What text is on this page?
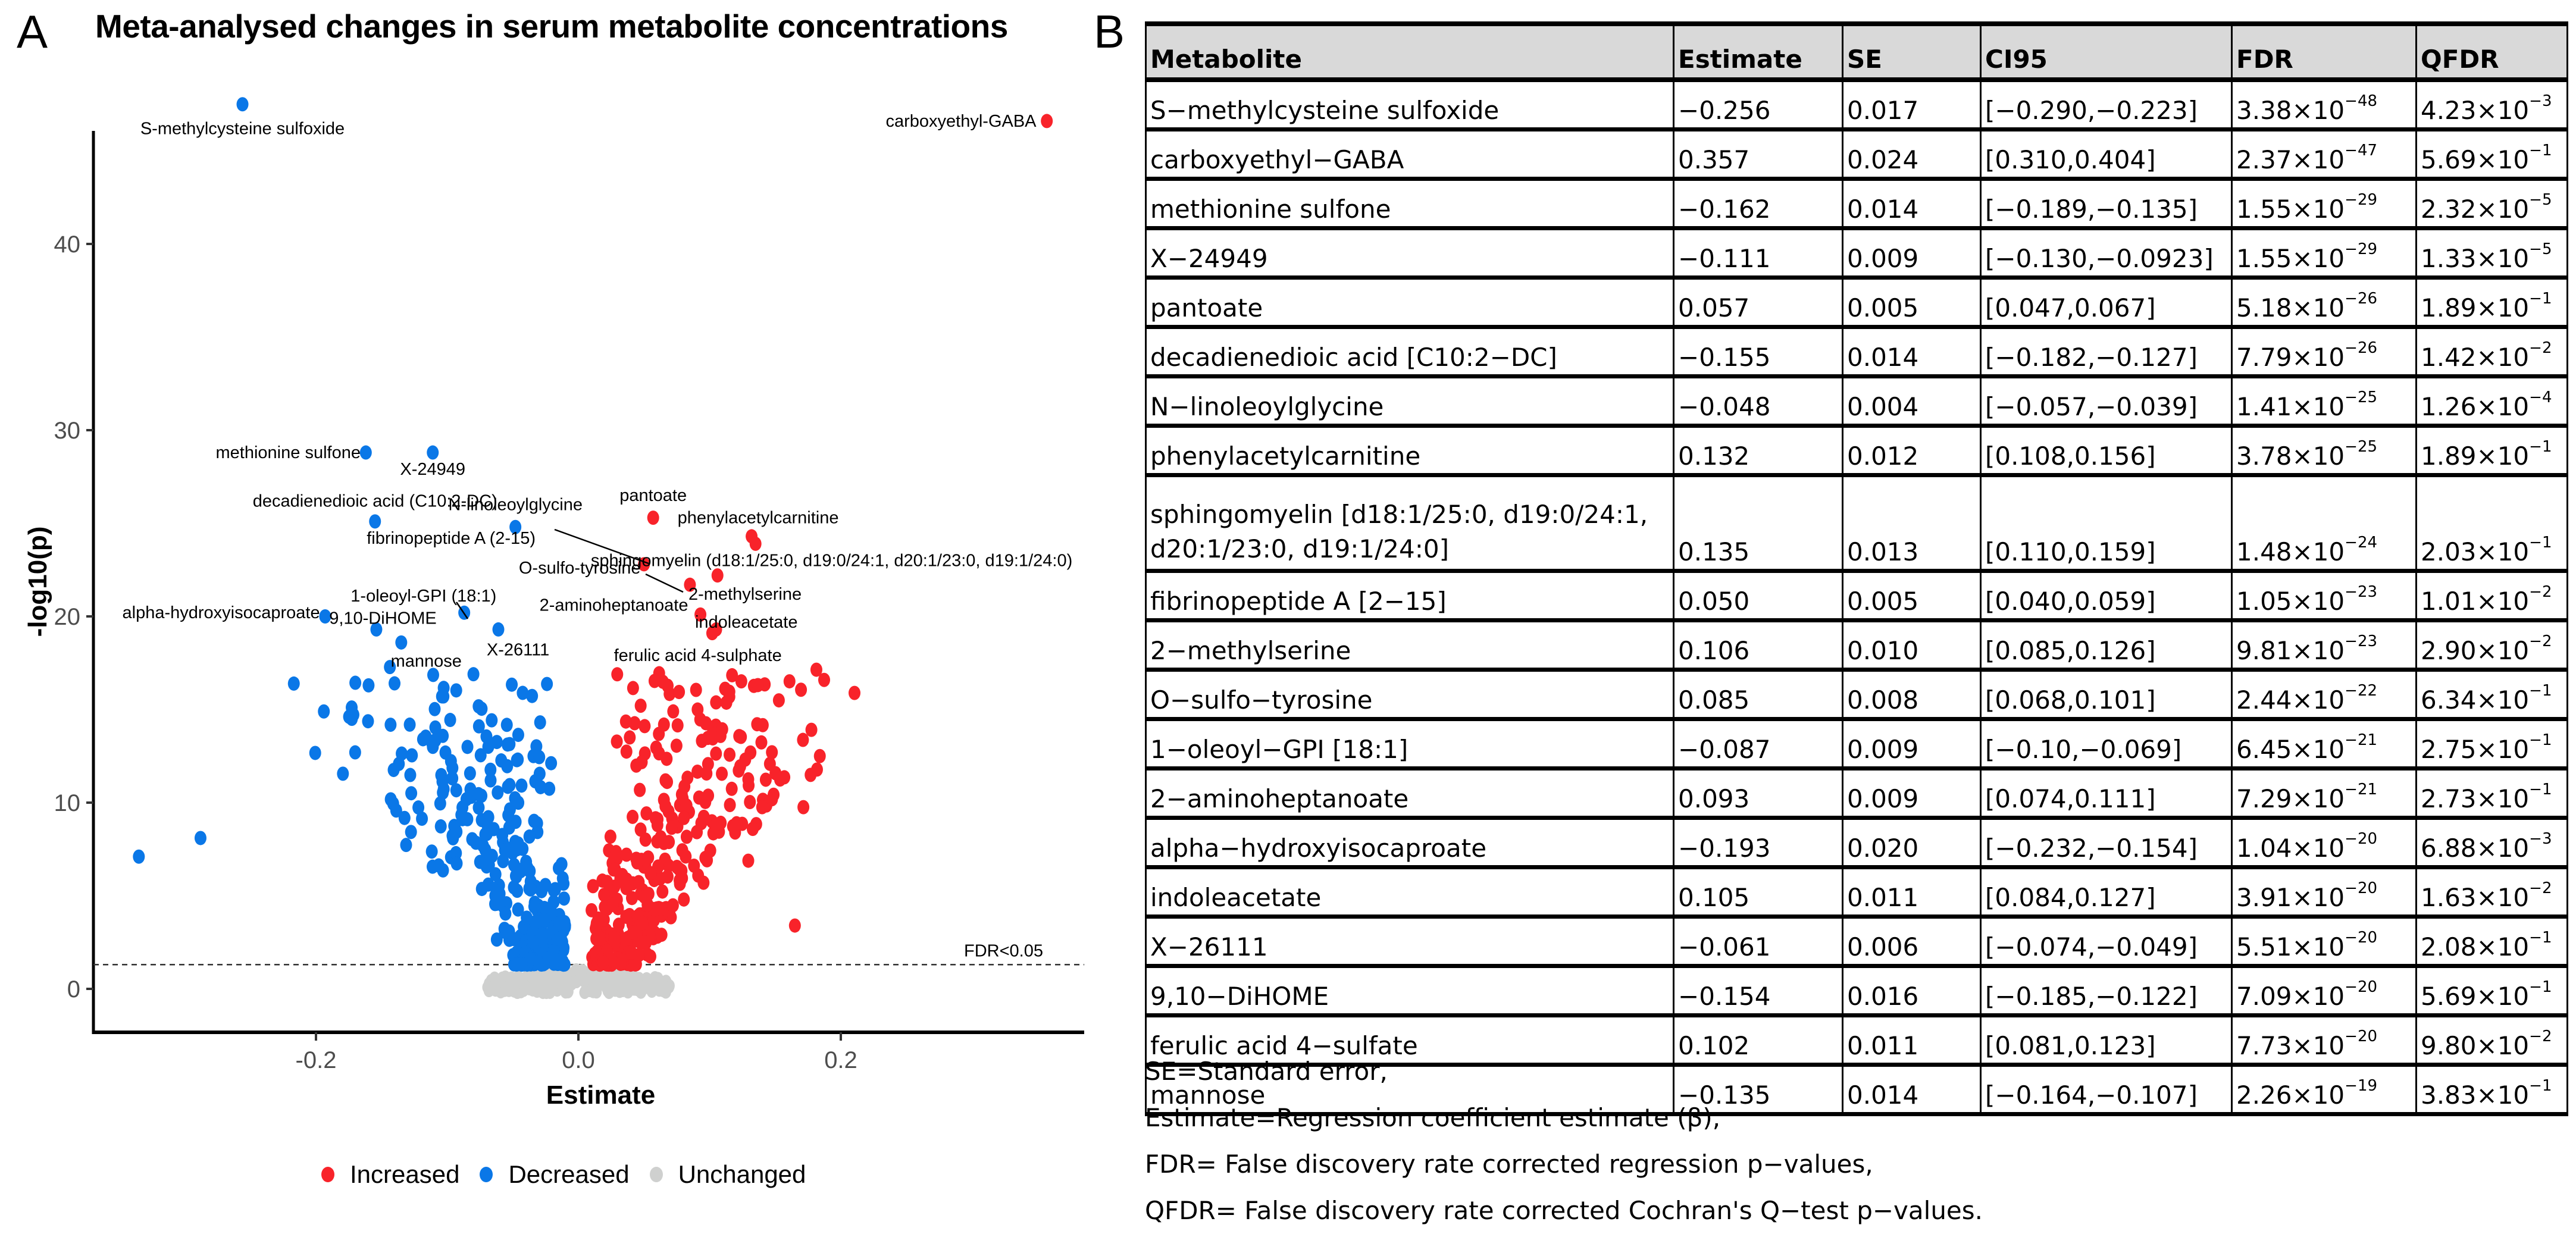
A Meta-analysed changes in serum metabolite concentrations
0
10
20
30
40
-0.2	0.0	0.2
Estimate
-log10(p)
FDR<0.05
S-methylcysteine sulfoxide	carboxyethyl-GABA
methionine sulfone
X-24949
pantoate
decadienedioic acid (C10:2-DC)
N-linoleoylglycine
phenylacetylcarnitine
sphingomyelin (d18:1/25:0, d19:0/24:1, d20:1/23:0, d19:1/24:0)
fibrinopeptide A (2-15)
2-methylserine
O-sulfo-tyrosine
1-oleoyl-GPI (18:1) 2-aminoheptanoate
alpha-hydroxyisocaproate 9,10-DiHOME	indoleacetate
X-26111	ferulic acid 4-sulphate
mannose
Increased Decreased Unchanged
B
Metabolite	Estimate	SE	CI95	FDR	QFDR
S−methylcysteine sulfoxide	−0.256	0.017	[−0.290,−0.223]	$3.38\times 10^{-48}$	$4.23\times 10^{-3}$
carboxyethyl−GABA	0.357	0.024	[0.310,0.404]	$2.37\times 10^{-47}$	$5.69\times 10^{-1}$
methionine sulfone	−0.162	0.014	[−0.189,−0.135]	$1.55\times 10^{-29}$	$2.32\times 10^{-5}$
X−24949	−0.111	0.009	[−0.130,−0.0923]	$1.55\times 10^{-29}$	$1.33\times 10^{-5}$
pantoate	0.057	0.005	[0.047,0.067]	$5.18\times 10^{-26}$	$1.89\times 10^{-1}$
decadienedioic acid [C10:2−DC]	−0.155	0.014	[−0.182,−0.127]	$7.79\times 10^{-26}$	$1.42\times 10^{-2}$
N−linoleoylglycine	−0.048	0.004	[−0.057,−0.039]	$1.41\times 10^{-25}$	$1.26\times 10^{-4}$
phenylacetylcarnitine	0.132	0.012	[0.108,0.156]	$3.78\times 10^{-25}$	$1.89\times 10^{-1}$
sphingomyelin [d18:1/25:0, d19:0/24:1, d20:1/23:0, d19:1/24:0]	0.135	0.013	[0.110,0.159]	$1.48\times 10^{-24}$	$2.03\times 10^{-1}$
fibrinopeptide A [2−15]	0.050	0.005	[0.040,0.059]	$1.05\times 10^{-23}$	$1.01\times 10^{-2}$
2−methylserine	0.106	0.010	[0.085,0.126]	$9.81\times 10^{-23}$	$2.90\times 10^{-2}$
O−sulfo−tyrosine	0.085	0.008	[0.068,0.101]	$2.44\times 10^{-22}$	$6.34\times 10^{-1}$
1−oleoyl−GPI [18:1]	−0.087	0.009	[−0.10,−0.069]	$6.45\times 10^{-21}$	$2.75\times 10^{-1}$
2−aminoheptanoate	0.093	0.009	[0.074,0.111]	$7.29\times 10^{-21}$	$2.73\times 10^{-1}$
alpha−hydroxyisocaproate	−0.193	0.020	[−0.232,−0.154]	$1.04\times 10^{-20}$	$6.88\times 10^{-3}$
indoleacetate	0.105	0.011	[0.084,0.127]	$3.91\times 10^{-20}$	$1.63\times 10^{-2}$
X−26111	−0.061	0.006	[−0.074,−0.049]	$5.51\times 10^{-20}$	$2.08\times 10^{-1}$
9,10−DiHOME	−0.154	0.016	[−0.185,−0.122]	$7.09\times 10^{-20}$	$5.69\times 10^{-1}$
ferulic acid 4−sulfate	0.102	0.011	[0.081,0.123]	$7.73\times 10^{-20}$	$9.80\times 10^{-2}$
mannose	−0.135	0.014	[−0.164,−0.107]	$2.26\times 10^{-19}$	$3.83\times 10^{-1}$
SE=Standard error,
Estimate=Regression coefficient estimate (β),
FDR= False discovery rate corrected regression p−values,
QFDR= False discovery rate corrected Cochran's Q−test p−values.
